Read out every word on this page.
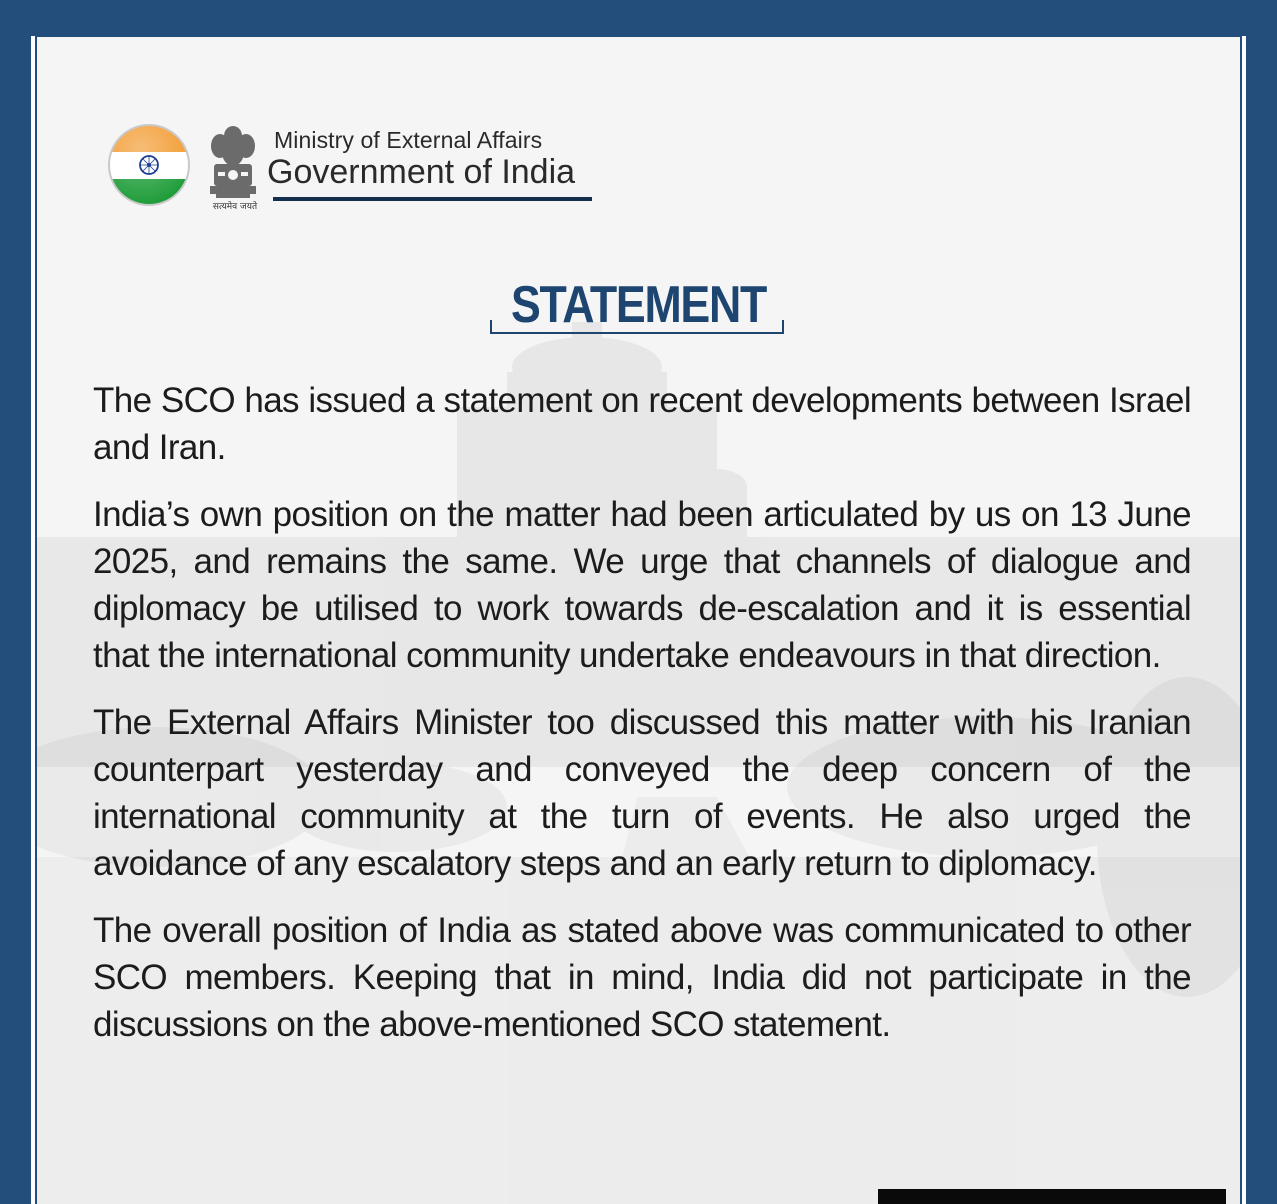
सत्यमेव जयते
Ministry of External Affairs
Government of India
STATEMENT

The SCO has issued a statement on recent developments between Israel and Iran.

India’s own position on the matter had been articulated by us on 13 June 2025, and remains the same. We urge that channels of dialogue and diplomacy be utilised to work towards de-escalation and it is essential that the international community undertake endeavours in that direction.

The External Affairs Minister too discussed this matter with his Iranian counterpart yesterday and conveyed the deep concern of the international community at the turn of events. He also urged the avoidance of any escalatory steps and an early return to diplomacy.

The overall position of India as stated above was communicated to other SCO members. Keeping that in mind, India did not participate in the discussions on the above-mentioned SCO statement.
